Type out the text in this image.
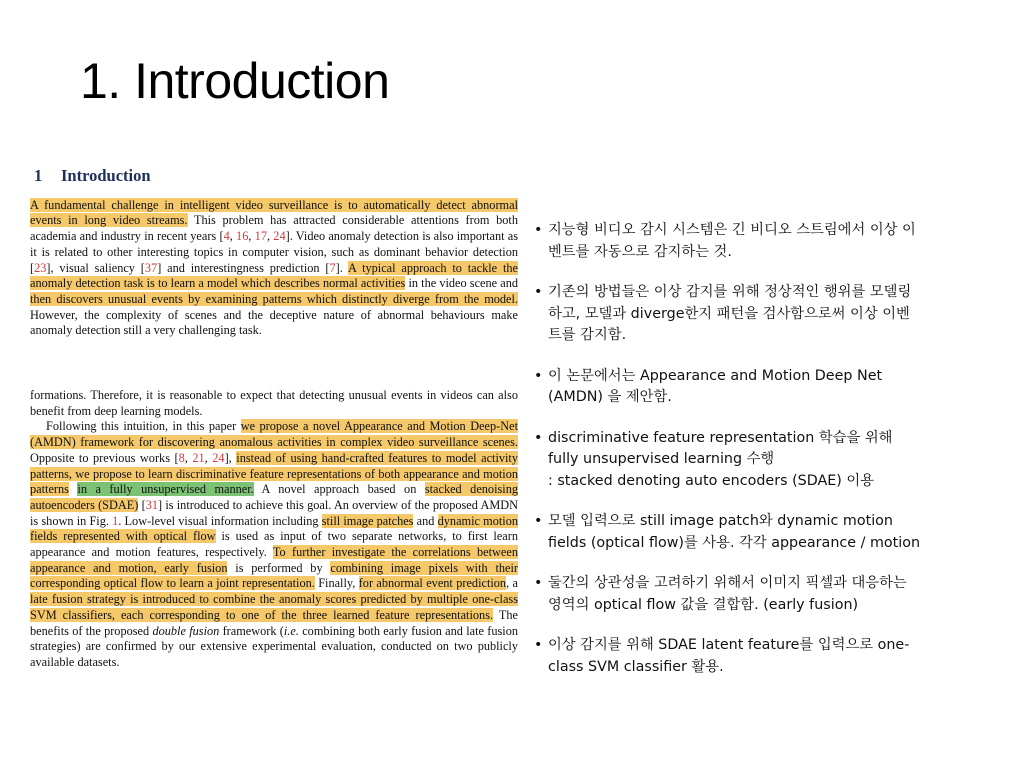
1. Introduction
1 Introduction

A fundamental challenge in intelligent video surveillance is to automatically detect abnormal events in long video streams. This problem has attracted considerable attentions from both academia and industry in recent years [4, 16, 17, 24]. Video anomaly detection is also important as it is related to other interesting topics in computer vision, such as dominant behavior detection [23], visual saliency [37] and interestingness prediction [7]. A typical approach to tackle the anomaly detection task is to learn a model which describes normal activities in the video scene and then discovers unusual events by examining patterns which distinctly diverge from the model. However, the complexity of scenes and the deceptive nature of abnormal behaviours make anomaly detection still a very challenging task.

formations. Therefore, it is reasonable to expect that detecting unusual events in videos can also benefit from deep learning models.

Following this intuition, in this paper we propose a novel Appearance and Motion Deep-Net (AMDN) framework for discovering anomalous activities in complex video surveillance scenes. Opposite to previous works [8, 21, 24], instead of using hand-crafted features to model activity patterns, we propose to learn discriminative feature representations of both appearance and motion patterns in a fully unsupervised manner. A novel approach based on stacked denoising autoencoders (SDAE) [31] is introduced to achieve this goal. An overview of the proposed AMDN is shown in Fig. 1. Low-level visual information including still image patches and dynamic motion fields represented with optical flow is used as input of two separate networks, to first learn appearance and motion features, respectively. To further investigate the correlations between appearance and motion, early fusion is performed by combining image pixels with their corresponding optical flow to learn a joint representation. Finally, for abnormal event prediction, a late fusion strategy is introduced to combine the anomaly scores predicted by multiple one-class SVM classifiers, each corresponding to one of the three learned feature representations. The benefits of the proposed double fusion framework (i.e. combining both early fusion and late fusion strategies) are confirmed by our extensive experimental evaluation, conducted on two publicly available datasets.

• 지능형 비디오 감시 시스템은 긴 비디오 스트림에서 이상 이
벤트를 자동으로 감지하는 것.
• 기존의 방법들은 이상 감지를 위해 정상적인 행위를 모델링
하고, 모델과 diverge한지 패턴을 검사함으로써 이상 이벤
트를 감지함.
• 이 논문에서는 Appearance and Motion Deep Net
(AMDN) 을 제안함.
• discriminative feature representation 학습을 위해
fully unsupervised learning 수행
: stacked denoting auto encoders (SDAE) 이용
• 모델 입력으로 still image patch와 dynamic motion
fields (optical flow)를 사용. 각각 appearance / motion
• 둘간의 상관성을 고려하기 위해서 이미지 픽셀과 대응하는
영역의 optical flow 값을 결합함. (early fusion)
• 이상 감지를 위해 SDAE latent feature를 입력으로 one-
class SVM classifier 활용.
